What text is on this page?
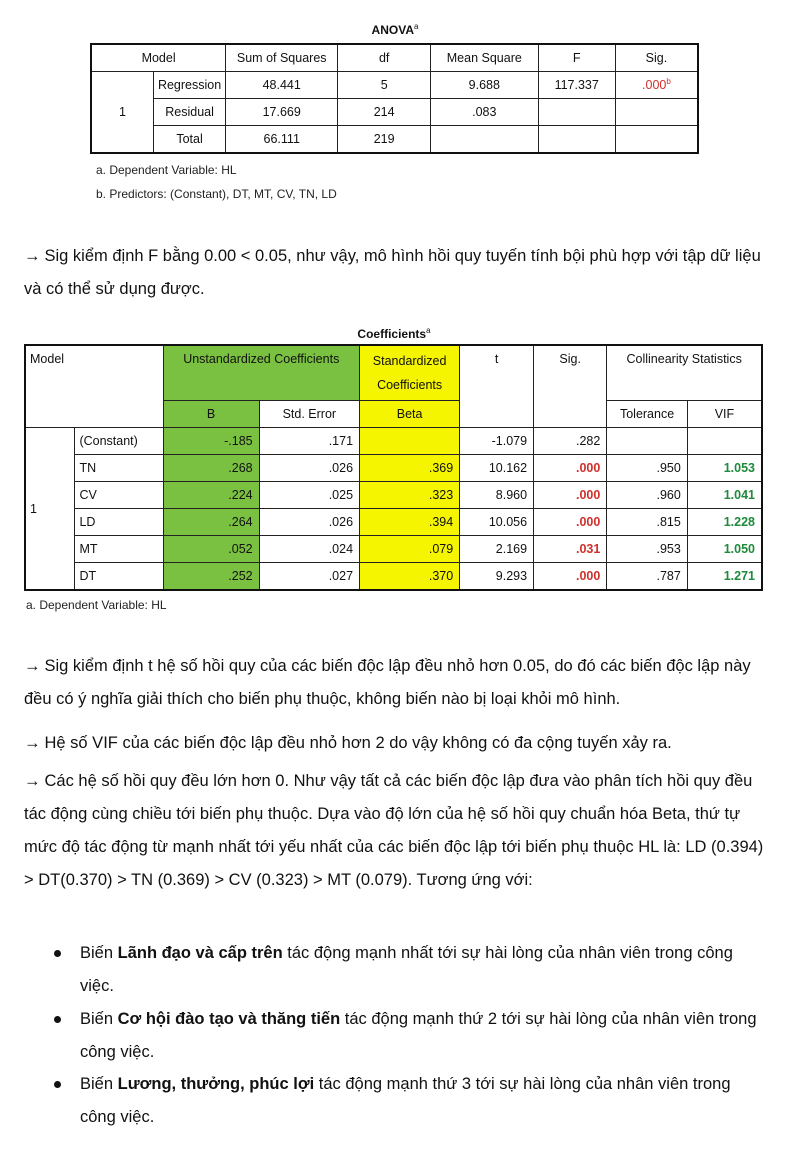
ANOVA$^a$
Model		Sum of Squares	df	Mean Square	F	Sig.
1	Regression	48.441	5	9.688	117.337	.000$^b$
	Residual	17.669	214	.083		
	Total	66.111	219			
a. Dependent Variable: HL
b. Predictors: (Constant), DT, MT, CV, TN, LD
→ Sig kiểm định F bằng 0.00 < 0.05, như vậy, mô hình hồi quy tuyến tính bội phù hợp với tập dữ liệu và có thể sử dụng được.
Coefficients$^a$
Model		Unstandardized Coefficients		Standardized Coefficients	t	Sig.	Collinearity Statistics	
		B	Std. Error	Beta			Tolerance	VIF
1	(Constant)	-.185	.171		-1.079	.282		
	TN	.268	.026	.369	10.162	.000	.950	1.053
	CV	.224	.025	.323	8.960	.000	.960	1.041
	LD	.264	.026	.394	10.056	.000	.815	1.228
	MT	.052	.024	.079	2.169	.031	.953	1.050
	DT	.252	.027	.370	9.293	.000	.787	1.271
a. Dependent Variable: HL
→ Sig kiểm định t hệ số hồi quy của các biến độc lập đều nhỏ hơn 0.05, do đó các biến độc lập này đều có ý nghĩa giải thích cho biến phụ thuộc, không biến nào bị loại khỏi mô hình.
→ Hệ số VIF của các biến độc lập đều nhỏ hơn 2 do vậy không có đa cộng tuyến xảy ra.
→ Các hệ số hồi quy đều lớn hơn 0. Như vậy tất cả các biến độc lập đưa vào phân tích hồi quy đều tác động cùng chiều tới biến phụ thuộc. Dựa vào độ lớn của hệ số hồi quy chuẩn hóa Beta, thứ tự mức độ tác động từ mạnh nhất tới yếu nhất của các biến độc lập tới biến phụ thuộc HL là: LD (0.394) > DT(0.370) > TN (0.369) > CV (0.323) > MT (0.079). Tương ứng với:
Biến Lãnh đạo và cấp trên tác động mạnh nhất tới sự hài lòng của nhân viên trong công việc.
Biến Cơ hội đào tạo và thăng tiến tác động mạnh thứ 2 tới sự hài lòng của nhân viên trong công việc.
Biến Lương, thưởng, phúc lợi tác động mạnh thứ 3 tới sự hài lòng của nhân viên trong công việc.
